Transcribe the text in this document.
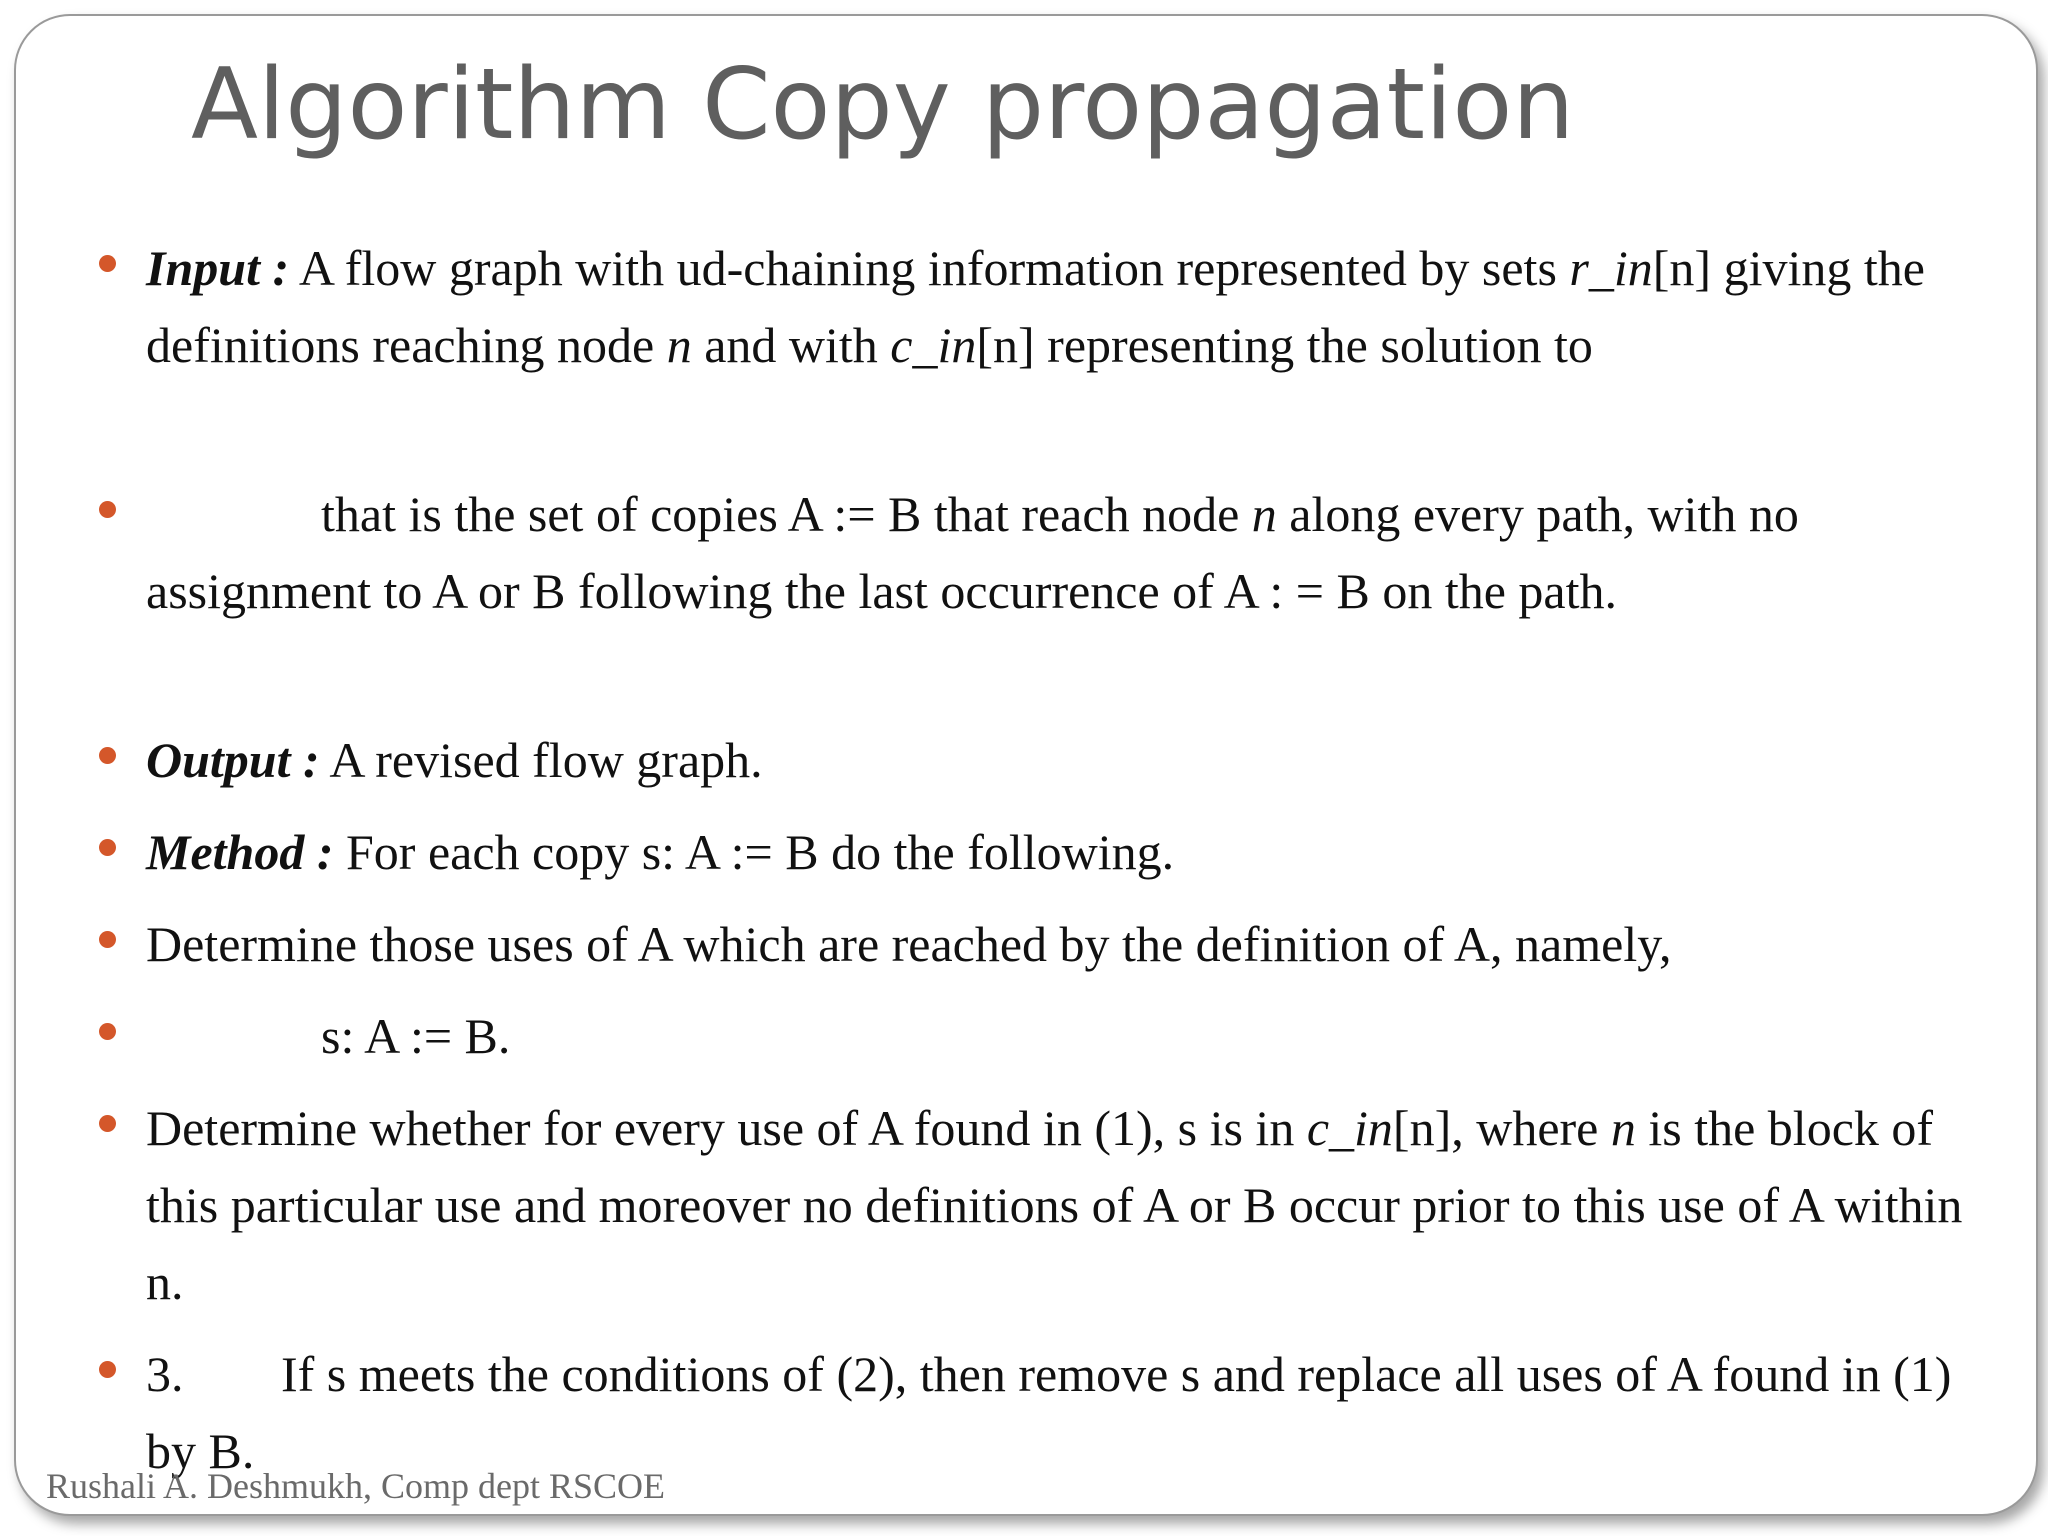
Algorithm Copy propagation
Input : A flow graph with ud-chaining information represented by sets r_in[n] giving the definitions reaching node n and with c_in[n] representing the solution to
that is the set of copies A := B that reach node n along every path, with no assignment to A or B following the last occurrence of A : = B on the path.
Output : A revised flow graph.
Method : For each copy s: A := B do the following.
Determine those uses of A which are reached by the definition of A, namely,
s: A := B.
Determine whether for every use of A found in (1), s is in c_in[n], where n is the block of this particular use and moreover no definitions of A or B occur prior to this use of A within n.
3. If s meets the conditions of (2), then remove s and replace all uses of A found in (1) by B.
Rushali A. Deshmukh, Comp dept RSCOE
